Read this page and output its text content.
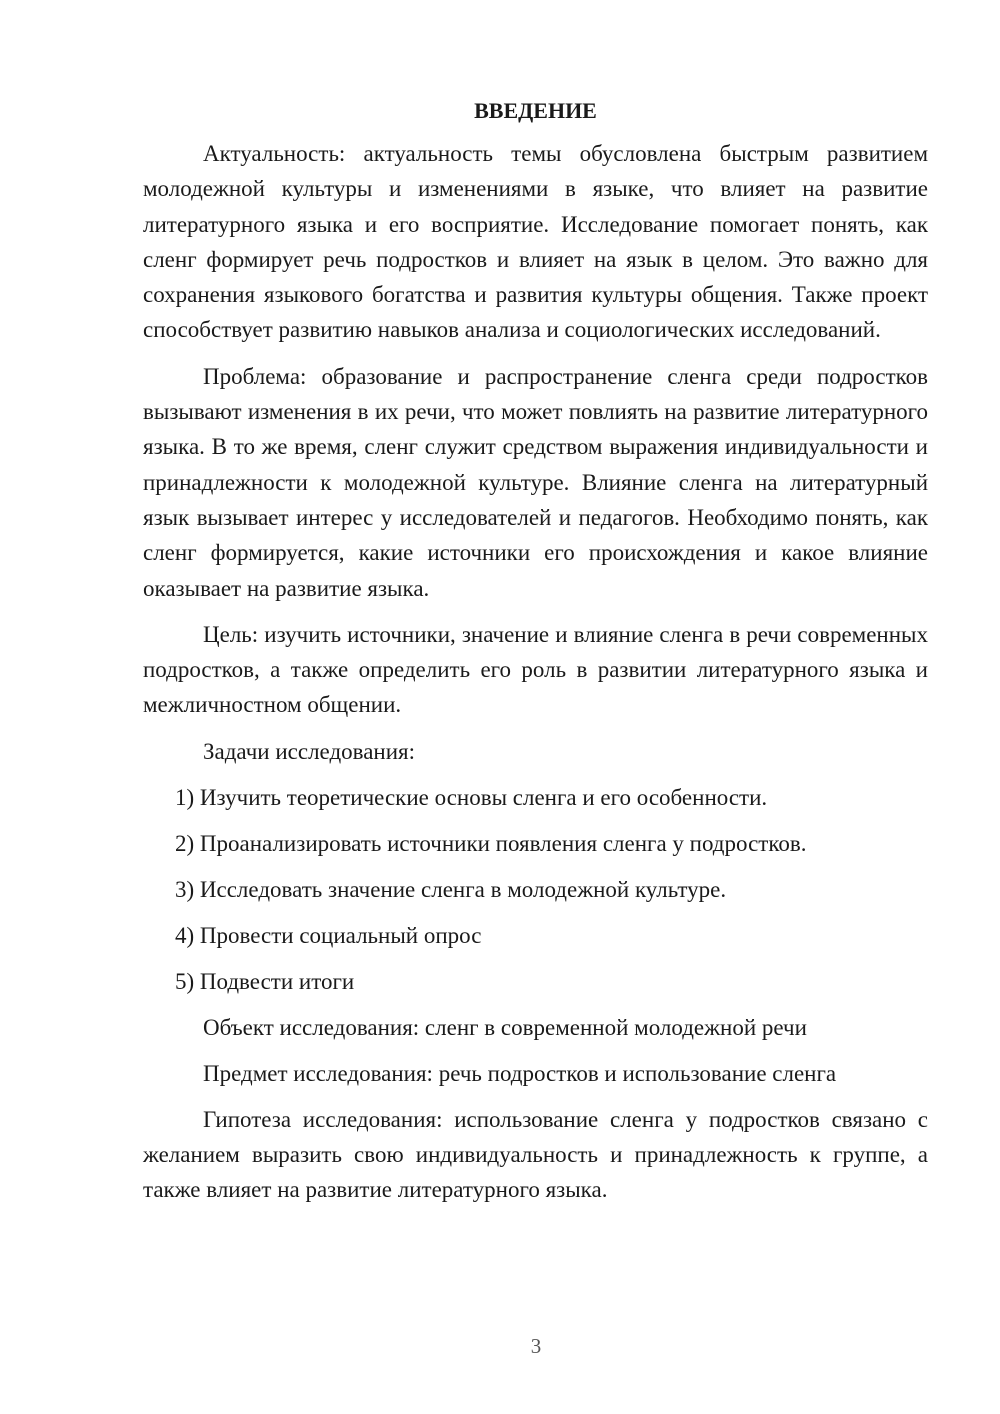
ВВЕДЕНИЕ

Актуальность: актуальность темы обусловлена быстрым развитием молодежной культуры и изменениями в языке, что влияет на развитие литературного языка и его восприятие. Исследование помогает понять, как сленг формирует речь подростков и влияет на язык в целом. Это важно для сохранения языкового богатства и развития культуры общения. Также проект способствует развитию навыков анализа и социологических исследований.

Проблема: образование и распространение сленга среди подростков вызывают изменения в их речи, что может повлиять на развитие литературного языка. В то же время, сленг служит средством выражения индивидуальности и принадлежности к молодежной культуре. Влияние сленга на литературный язык вызывает интерес у исследователей и педагогов. Необходимо понять, как сленг формируется, какие источники его происхождения и какое влияние оказывает на развитие языка.

Цель: изучить источники, значение и влияние сленга в речи современных подростков, а также определить его роль в развитии литературного языка и межличностном общении.

Задачи исследования:
1) Изучить теоретические основы сленга и его особенности.
2) Проанализировать источники появления сленга у подростков.
3) Исследовать значение сленга в молодежной культуре.
4) Провести социальный опрос
5) Подвести итоги
Объект исследования: сленг в современной молодежной речи
Предмет исследования: речь подростков и использование сленга

Гипотеза исследования: использование сленга у подростков связано с желанием выразить свою индивидуальность и принадлежность к группе, а также влияет на развитие литературного языка.

3
